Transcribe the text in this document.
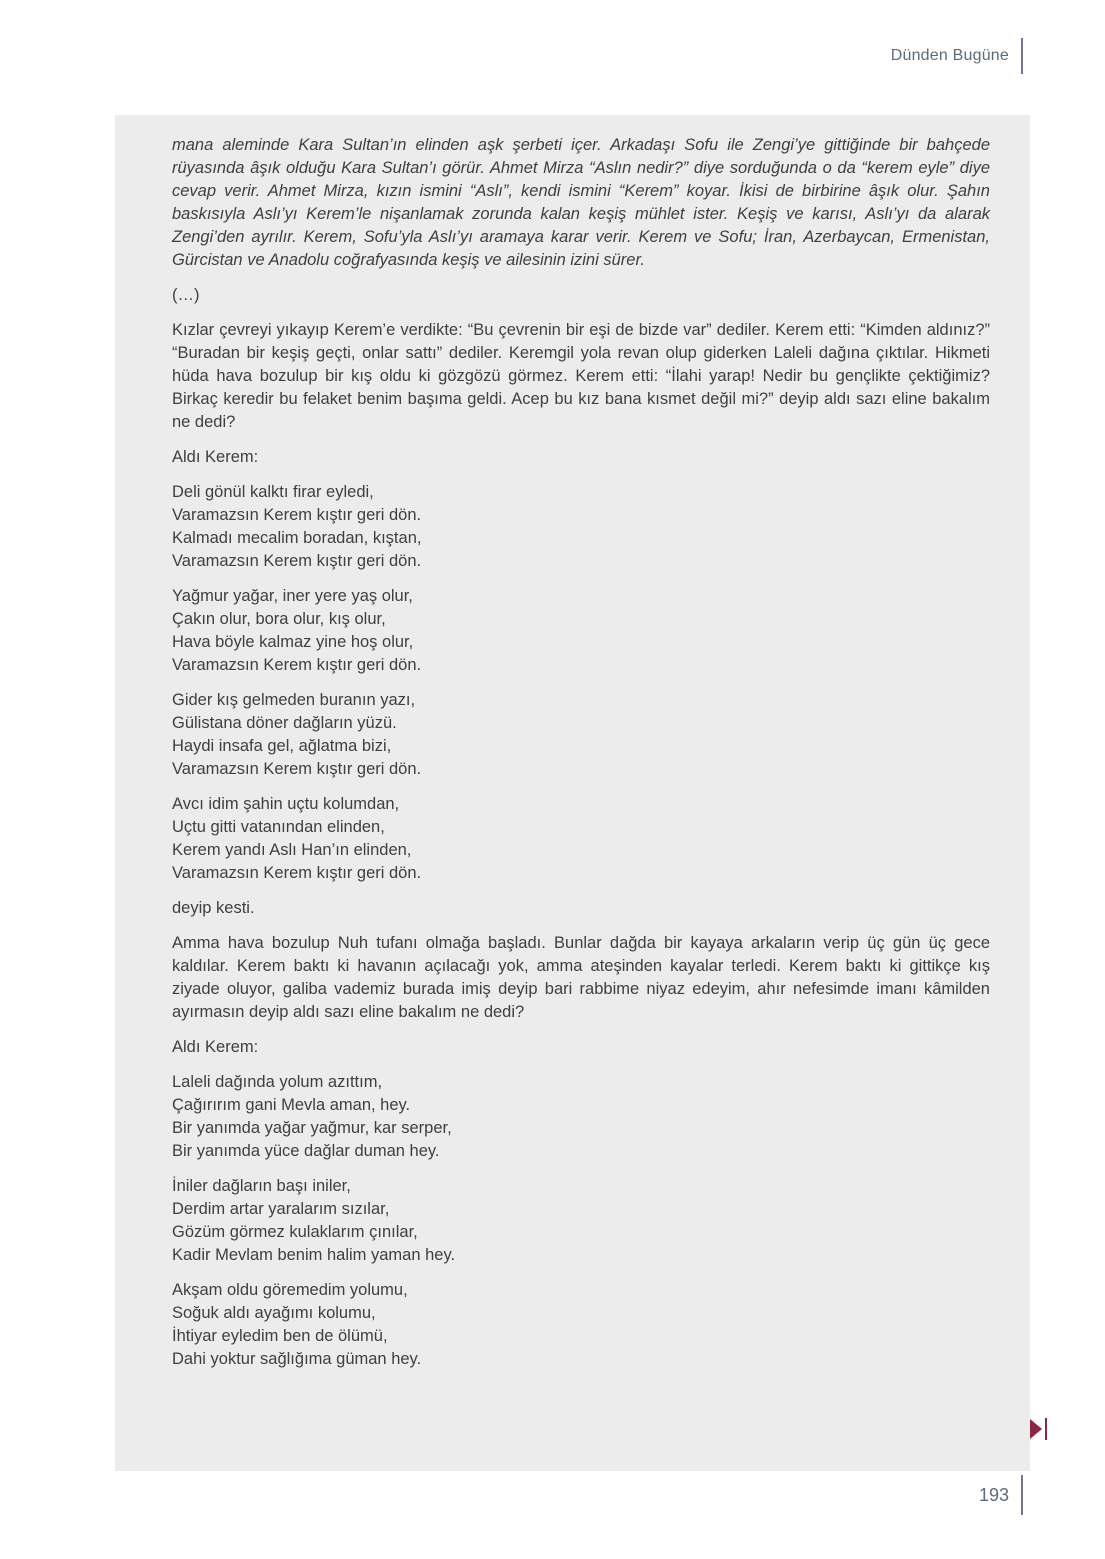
Dünden Bugüne

mana aleminde Kara Sultan’ın elinden aşk şerbeti içer. Arkadaşı Sofu ile Zengi’ye gittiğinde bir bahçede rüyasında âşık olduğu Kara Sultan’ı görür. Ahmet Mirza “Aslın nedir?” diye sorduğunda o da “kerem eyle” diye cevap verir. Ahmet Mirza, kızın ismini “Aslı”, kendi ismini “Kerem” koyar. İkisi de birbirine âşık olur. Şahın baskısıyla Aslı’yı Kerem’le nişanlamak zorunda kalan keşiş mühlet ister. Keşiş ve karısı, Aslı’yı da alarak Zengi’den ayrılır. Kerem, Sofu’yla Aslı’yı aramaya karar verir. Kerem ve Sofu; İran, Azerbaycan, Ermenistan, Gürcistan ve Anadolu coğrafyasında keşiş ve ailesinin izini sürer.

(…)

Kızlar çevreyi yıkayıp Kerem’e verdikte: “Bu çevrenin bir eşi de bizde var” dediler. Kerem etti: “Kimden aldınız?” “Buradan bir keşiş geçti, onlar sattı” dediler. Keremgil yola revan olup giderken Laleli dağına çıktılar. Hikmeti hüda hava bozulup bir kış oldu ki gözgözü görmez. Kerem etti: “İlahi yarap! Nedir bu gençlikte çektiğimiz? Birkaç keredir bu felaket benim başıma geldi. Acep bu kız bana kısmet değil mi?” deyip aldı sazı eline bakalım ne dedi?

Aldı Kerem:

Deli gönül kalktı firar eyledi,
Varamazsın Kerem kıştır geri dön.
Kalmadı mecalim boradan, kıştan,
Varamazsın Kerem kıştır geri dön.
Yağmur yağar, iner yere yaş olur,
Çakın olur, bora olur, kış olur,
Hava böyle kalmaz yine hoş olur,
Varamazsın Kerem kıştır geri dön.
Gider kış gelmeden buranın yazı,
Gülistana döner dağların yüzü.
Haydi insafa gel, ağlatma bizi,
Varamazsın Kerem kıştır geri dön.
Avcı idim şahin uçtu kolumdan,
Uçtu gitti vatanından elinden,
Kerem yandı Aslı Han’ın elinden,
Varamazsın Kerem kıştır geri dön.

deyip kesti.

Amma hava bozulup Nuh tufanı olmağa başladı. Bunlar dağda bir kayaya arkaların verip üç gün üç gece kaldılar. Kerem baktı ki havanın açılacağı yok, amma ateşinden kayalar terledi. Kerem baktı ki gittikçe kış ziyade oluyor, galiba vademiz burada imiş deyip bari rabbime niyaz edeyim, ahır nefesimde imanı kâmilden ayırmasın deyip aldı sazı eline bakalım ne dedi?

Aldı Kerem:

Laleli dağında yolum azıttım,
Çağırırım gani Mevla aman, hey.
Bir yanımda yağar yağmur, kar serper,
Bir yanımda yüce dağlar duman hey.
İniler dağların başı iniler,
Derdim artar yaralarım sızılar,
Gözüm görmez kulaklarım çınılar,
Kadir Mevlam benim halim yaman hey.
Akşam oldu göremedim yolumu,
Soğuk aldı ayağımı kolumu,
İhtiyar eyledim ben de ölümü,
Dahi yoktur sağlığıma güman hey.
193
